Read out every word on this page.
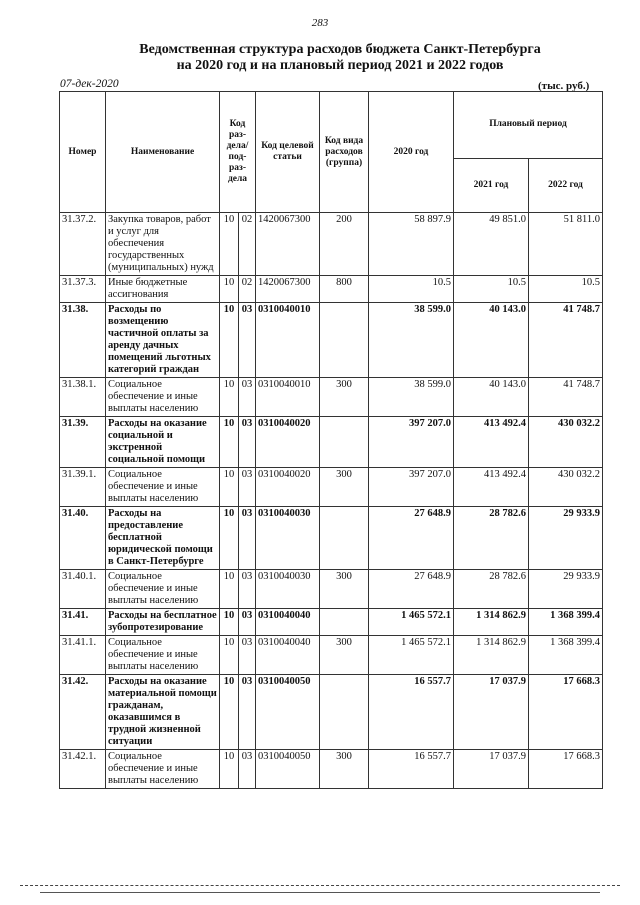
283
Ведомственная структура расходов бюджета Санкт-Петербурга
на 2020 год и на плановый период 2021 и 2022 годов
07-дек-2020	(тыс. руб.)
Номер	Наименование	Код раз-дела/ под-раз-дела		Код целевой статьи	Код вида расходов (группа)	2020 год	Плановый период	
							2021 год	2022 год
31.37.2.	Закупка товаров, работ и услуг для обеспечения государственных (муниципальных) нужд	10	02	1420067300	200	58 897.9	49 851.0	51 811.0
31.37.3.	Иные бюджетные ассигнования	10	02	1420067300	800	10.5	10.5	10.5
31.38.	Расходы по возмещению частичной оплаты за аренду дачных помещений льготных категорий граждан	10	03	0310040010		38 599.0	40 143.0	41 748.7
31.38.1.	Социальное обеспечение и иные выплаты населению	10	03	0310040010	300	38 599.0	40 143.0	41 748.7
31.39.	Расходы на оказание социальной и экстренной социальной помощи	10	03	0310040020		397 207.0	413 492.4	430 032.2
31.39.1.	Социальное обеспечение и иные выплаты населению	10	03	0310040020	300	397 207.0	413 492.4	430 032.2
31.40.	Расходы на предоставление бесплатной юридической помощи в Санкт-Петербурге	10	03	0310040030		27 648.9	28 782.6	29 933.9
31.40.1.	Социальное обеспечение и иные выплаты населению	10	03	0310040030	300	27 648.9	28 782.6	29 933.9
31.41.	Расходы на бесплатное зубопротезирование	10	03	0310040040		1 465 572.1	1 314 862.9	1 368 399.4
31.41.1.	Социальное обеспечение и иные выплаты населению	10	03	0310040040	300	1 465 572.1	1 314 862.9	1 368 399.4
31.42.	Расходы на оказание материальной помощи гражданам, оказавшимся в трудной жизненной ситуации	10	03	0310040050		16 557.7	17 037.9	17 668.3
31.42.1.	Социальное обеспечение и иные выплаты населению	10	03	0310040050	300	16 557.7	17 037.9	17 668.3
